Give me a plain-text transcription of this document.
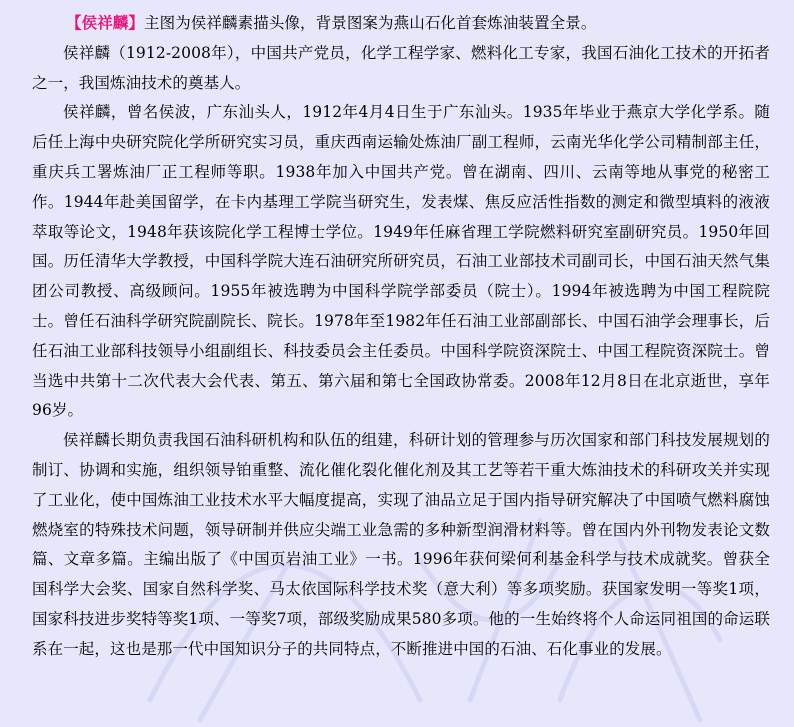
【侯祥麟】主图为侯祥麟素描头像，背景图案为燕山石化首套炼油装置全景。

侯祥麟（1912-2008年），中国共产党员，化学工程学家、燃料化工专家，我国石油化工技术的开拓者之一，我国炼油技术的奠基人。

侯祥麟，曾名侯波，广东汕头人，1912年4月4日生于广东汕头。1935年毕业于燕京大学化学系。随后任上海中央研究院化学所研究实习员，重庆西南运输处炼油厂副工程师，云南光华化学公司精制部主任，重庆兵工署炼油厂正工程师等职。1938年加入中国共产党。曾在湖南、四川、云南等地从事党的秘密工作。1944年赴美国留学，在卡内基理工学院当研究生，发表煤、焦反应活性指数的测定和微型填料的液液萃取等论文，1948年获该院化学工程博士学位。1949年任麻省理工学院燃料研究室副研究员。1950年回国。历任清华大学教授，中国科学院大连石油研究所研究员，石油工业部技术司副司长，中国石油天然气集团公司教授、高级顾问。1955年被选聘为中国科学院学部委员（院士）。1994年被选聘为中国工程院院士。曾任石油科学研究院副院长、院长。1978年至1982年任石油工业部副部长、中国石油学会理事长，后任石油工业部科技领导小组副组长、科技委员会主任委员。中国科学院资深院士、中国工程院资深院士。曾当选中共第十二次代表大会代表、第五、第六届和第七全国政协常委。2008年12月8日在北京逝世，享年96岁。

侯祥麟长期负责我国石油科研机构和队伍的组建，科研计划的管理参与历次国家和部门科技发展规划的制订、协调和实施，组织领导铂重整、流化催化裂化催化剂及其工艺等若干重大炼油技术的科研攻关并实现了工业化，使中国炼油工业技术水平大幅度提高，实现了油品立足于国内指导研究解决了中国喷气燃料腐蚀燃烧室的特殊技术问题，领导研制并供应尖端工业急需的多种新型润滑材料等。曾在国内外刊物发表论文数篇、文章多篇。主编出版了《中国页岩油工业》一书。1996年获何梁何利基金科学与技术成就奖。曾获全国科学大会奖、国家自然科学奖、马太依国际科学技术奖（意大利）等多项奖励。获国家发明一等奖1项，国家科技进步奖特等奖1项、一等奖7项，部级奖励成果580多项。他的一生始终将个人命运同祖国的命运联系在一起，这也是那一代中国知识分子的共同特点，不断推进中国的石油、石化事业的发展。
